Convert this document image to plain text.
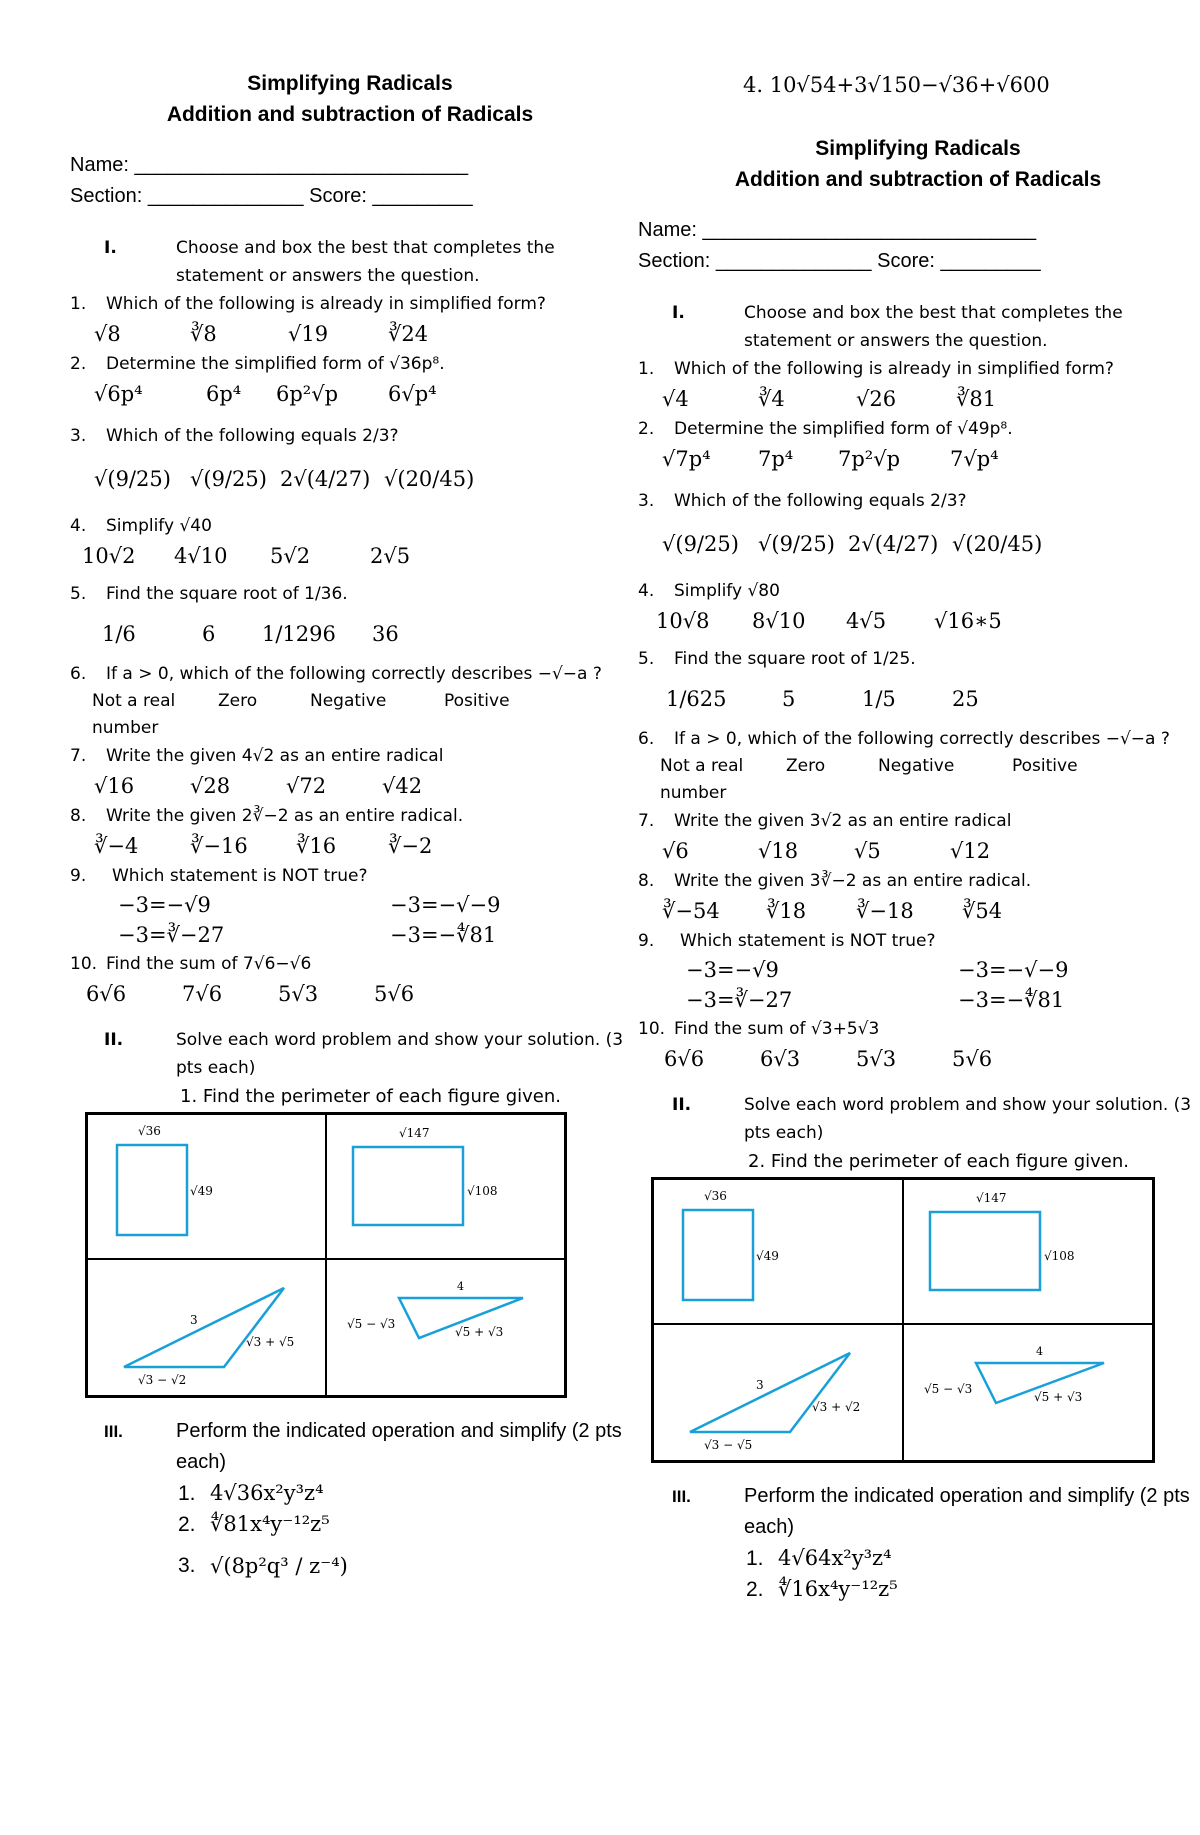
Simplifying Radicals
Addition and subtraction of Radicals
Name: ______________________________
Section: ______________ Score: _________
I.	Choose and box the best that completes the statement or answers the question.
1.	Which of the following is already in simplified form?
√8	∛8	√19	∛24
2.	Determine the simplified form of √36p⁸.
√6p⁴	6p⁴	6p²√p	6√p⁴
3.	Which of the following equals 2/3?
√(9/25) √(9/25) 2√(4/27) √(20/45)
4.	Simplify √40
10√2	4√10	5√2	2√5
5.	Find the square root of 1/36.
1/6	6	1/1296	36
6.	If a > 0, which of the following correctly describes −√−a ?
Not a real number
Zero	Negative	Positive
7.	Write the given 4√2 as an entire radical
√16	√28	√72	√42
8.	Write the given 2∛−2 as an entire radical.
∛−4	∛−16	∛16	∛−2
9.	Which statement is NOT true?
−3=−√9	−3=−√−9
−3=∛−27	−3=−∜81
10. Find the sum of 7√6−√6
6√6	7√6	5√3	5√6
II.	Solve each word problem and show your solution. (3 pts each)
1. Find the perimeter of each figure given.
√36
√49
√147
√108
3
√3 + √5
√3 − √2
4
√5 − √3
√5 + √3
III.	Perform the indicated operation and simplify (2 pts each)
1. 4√36x²y³z⁴
2. ∜81x⁴y⁻¹²z⁵
3. √(8p²q³ / z⁻⁴)
4. 10√54+3√150−√36+√600
Simplifying Radicals
Addition and subtraction of Radicals
Name: ______________________________
Section: ______________ Score: _________
I.	Choose and box the best that completes the statement or answers the question.
1.	Which of the following is already in simplified form?
√4	∛4	√26	∛81
2.	Determine the simplified form of √49p⁸.
√7p⁴	7p⁴	7p²√p	7√p⁴
3.	Which of the following equals 2/3?
√(9/25) √(9/25) 2√(4/27) √(20/45)
4.	Simplify √80
10√8	8√10	4√5	√16∗5
5.	Find the square root of 1/25.
1/625	5	1/5	25
6.	If a > 0, which of the following correctly describes −√−a ?
Not a real number
Zero	Negative	Positive
7.	Write the given 3√2 as an entire radical
√6	√18	√5	√12
8.	Write the given 3∛−2 as an entire radical.
∛−54	∛18	∛−18	∛54
9.	Which statement is NOT true?
−3=−√9	−3=−√−9
−3=∛−27	−3=−∜81
10. Find the sum of √3+5√3
6√6	6√3	5√3	5√6
II.	Solve each word problem and show your solution. (3 pts each)
2. Find the perimeter of each figure given.
√36
√49
√147
√108
3
√3 + √2
√3 − √5
4
√5 − √3
√5 + √3
III.	Perform the indicated operation and simplify (2 pts each)
1. 4√64x²y³z⁴
2. ∜16x⁴y⁻¹²z⁵
